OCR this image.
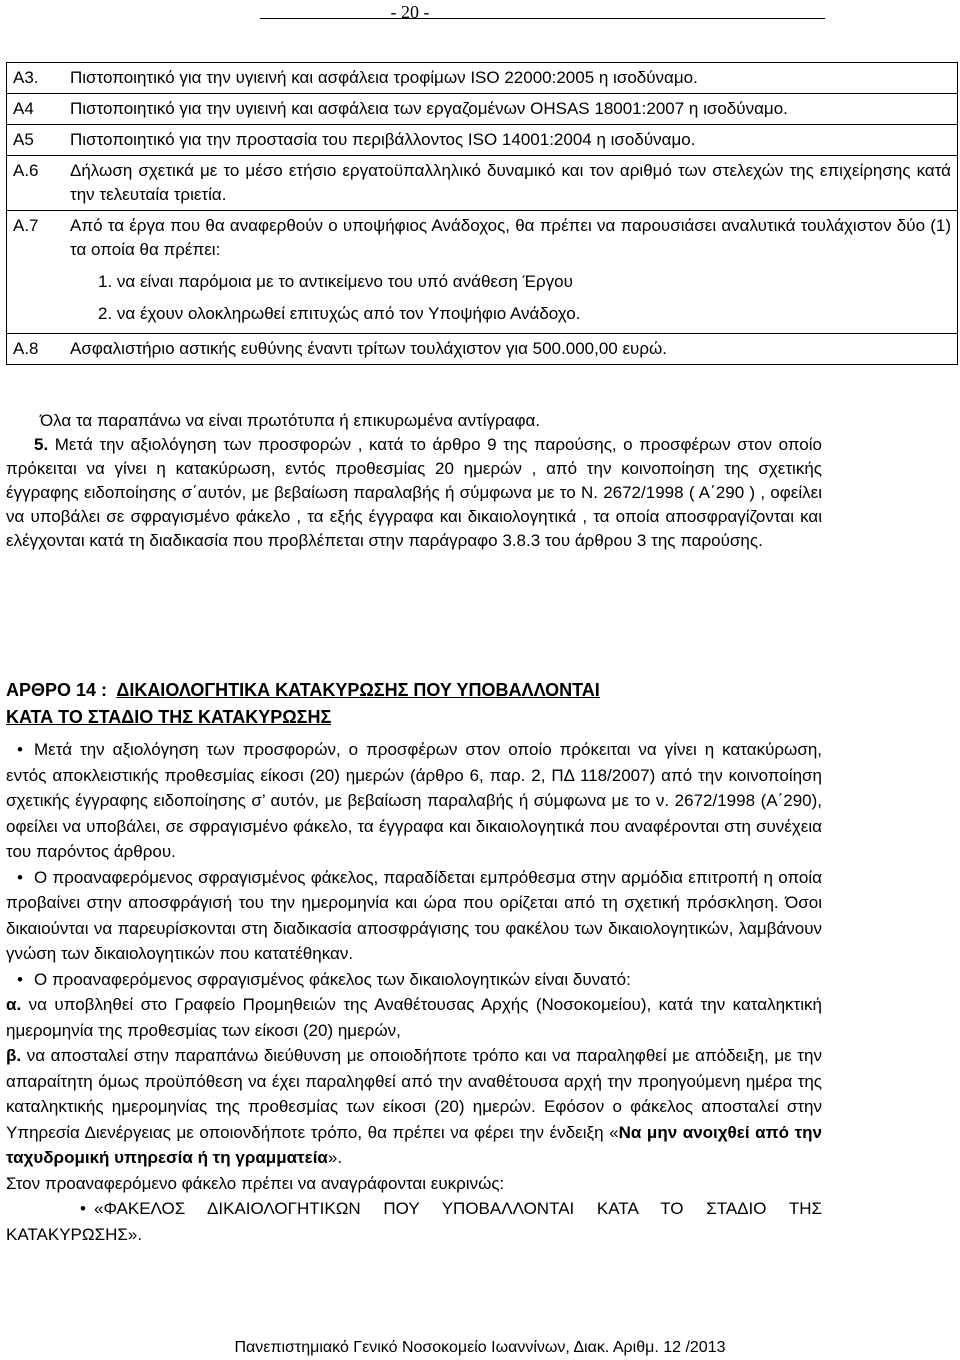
- 20 -
A3.	Πιστοποιητικό για την υγιεινή και ασφάλεια τροφίμων ISO 22000:2005 η ισοδύναμο.
A4	Πιστοποιητικό για την υγιεινή και ασφάλεια των εργαζομένων OHSAS 18001:2007 η ισοδύναμο.
A5	Πιστοποιητικό για την προστασία του περιβάλλοντος ISO 14001:2004 η ισοδύναμο.
A.6	Δήλωση σχετικά με το μέσο ετήσιο εργατοϋπαλληλικό δυναμικό και τον αριθμό των στελεχών της επιχείρησης κατά την τελευταία τριετία.
A.7	Από τα έργα που θα αναφερθούν ο υποψήφιος Ανάδοχος, θα πρέπει να παρουσιάσει αναλυτικά τουλάχιστον δύο (1) τα οποία θα πρέπει:
1. να είναι παρόμοια με το αντικείμενο του υπό ανάθεση Έργου
2. να έχουν ολοκληρωθεί επιτυχώς από τον Υποψήφιο Ανάδοχο.

A.8	Ασφαλιστήριο αστικής ευθύνης έναντι τρίτων τουλάχιστον για 500.000,00 ευρώ.
Όλα τα παραπάνω να είναι πρωτότυπα ή επικυρωμένα αντίγραφα.

5. Μετά την αξιολόγηση των προσφορών , κατά το άρθρο 9 της παρούσης, ο προσφέρων στον οποίο πρόκειται να γίνει η κατακύρωση, εντός προθεσμίας 20 ημερών , από την κοινοποίηση της σχετικής έγγραφης ειδοποίησης σ΄αυτόν, με βεβαίωση παραλαβής ή σύμφωνα με το Ν. 2672/1998 ( Α΄290 ) , οφείλει να υποβάλει σε σφραγισμένο φάκελο , τα εξής έγγραφα και δικαιολογητικά , τα οποία αποσφραγίζονται και ελέγχονται κατά τη διαδικασία που προβλέπεται στην παράγραφο 3.8.3 του άρθρου 3 της παρούσης.

ΑΡΘΡΟ 14 : ΔΙΚΑΙΟΛΟΓΗΤΙΚΑ ΚΑΤΑΚΥΡΩΣΗΣ ΠΟΥ ΥΠΟΒΑΛΛΟΝΤΑΙ
ΚΑΤΑ ΤΟ ΣΤΑΔΙΟ ΤΗΣ ΚΑΤΑΚΥΡΩΣΗΣ

• Μετά την αξιολόγηση των προσφορών, ο προσφέρων στον οποίο πρόκειται να γίνει η κατακύρωση, εντός αποκλειστικής προθεσμίας είκοσι (20) ημερών (άρθρο 6, παρ. 2, ΠΔ 118/2007) από την κοινοποίηση σχετικής έγγραφης ειδοποίησης σ’ αυτόν, με βεβαίωση παραλαβής ή σύμφωνα με το ν. 2672/1998 (Α΄290), οφείλει να υποβάλει, σε σφραγισμένο φάκελο, τα έγγραφα και δικαιολογητικά που αναφέρονται στη συνέχεια του παρόντος άρθρου.

• Ο προαναφερόμενος σφραγισμένος φάκελος, παραδίδεται εμπρόθεσμα στην αρμόδια επιτροπή η οποία προβαίνει στην αποσφράγισή του την ημερομηνία και ώρα που ορίζεται από τη σχετική πρόσκληση. Όσοι δικαιούνται να παρευρίσκονται στη διαδικασία αποσφράγισης του φακέλου των δικαιολογητικών, λαμβάνουν γνώση των δικαιολογητικών που κατατέθηκαν.

• Ο προαναφερόμενος σφραγισμένος φάκελος των δικαιολογητικών είναι δυνατό:

α. να υποβληθεί στο Γραφείο Προμηθειών της Αναθέτουσας Αρχής (Νοσοκομείου), κατά την καταληκτική ημερομηνία της προθεσμίας των είκοσι (20) ημερών,

β. να αποσταλεί στην παραπάνω διεύθυνση με οποιοδήποτε τρόπο και να παραληφθεί με απόδειξη, με την απαραίτητη όμως προϋπόθεση να έχει παραληφθεί από την αναθέτουσα αρχή την προηγούμενη ημέρα της καταληκτικής ημερομηνίας της προθεσμίας των είκοσι (20) ημερών. Εφόσον ο φάκελος αποσταλεί στην Υπηρεσία Διενέργειας με οποιονδήποτε τρόπο, θα πρέπει να φέρει την ένδειξη «Να μην ανοιχθεί από την ταχυδρομική υπηρεσία ή τη γραμματεία».

Στον προαναφερόμενο φάκελο πρέπει να αναγράφονται ευκρινώς:

• «ΦΑΚΕΛΟΣ ΔΙΚΑΙΟΛΟΓΗΤΙΚΩΝ ΠΟΥ ΥΠΟΒΑΛΛΟΝΤΑΙ ΚΑΤΑ ΤΟ ΣΤΑΔΙΟ ΤΗΣ ΚΑΤΑΚΥΡΩΣΗΣ».

Πανεπιστημιακό Γενικό Νοσοκομείο Ιωαννίνων, Διακ. Αριθμ. 12 /2013
